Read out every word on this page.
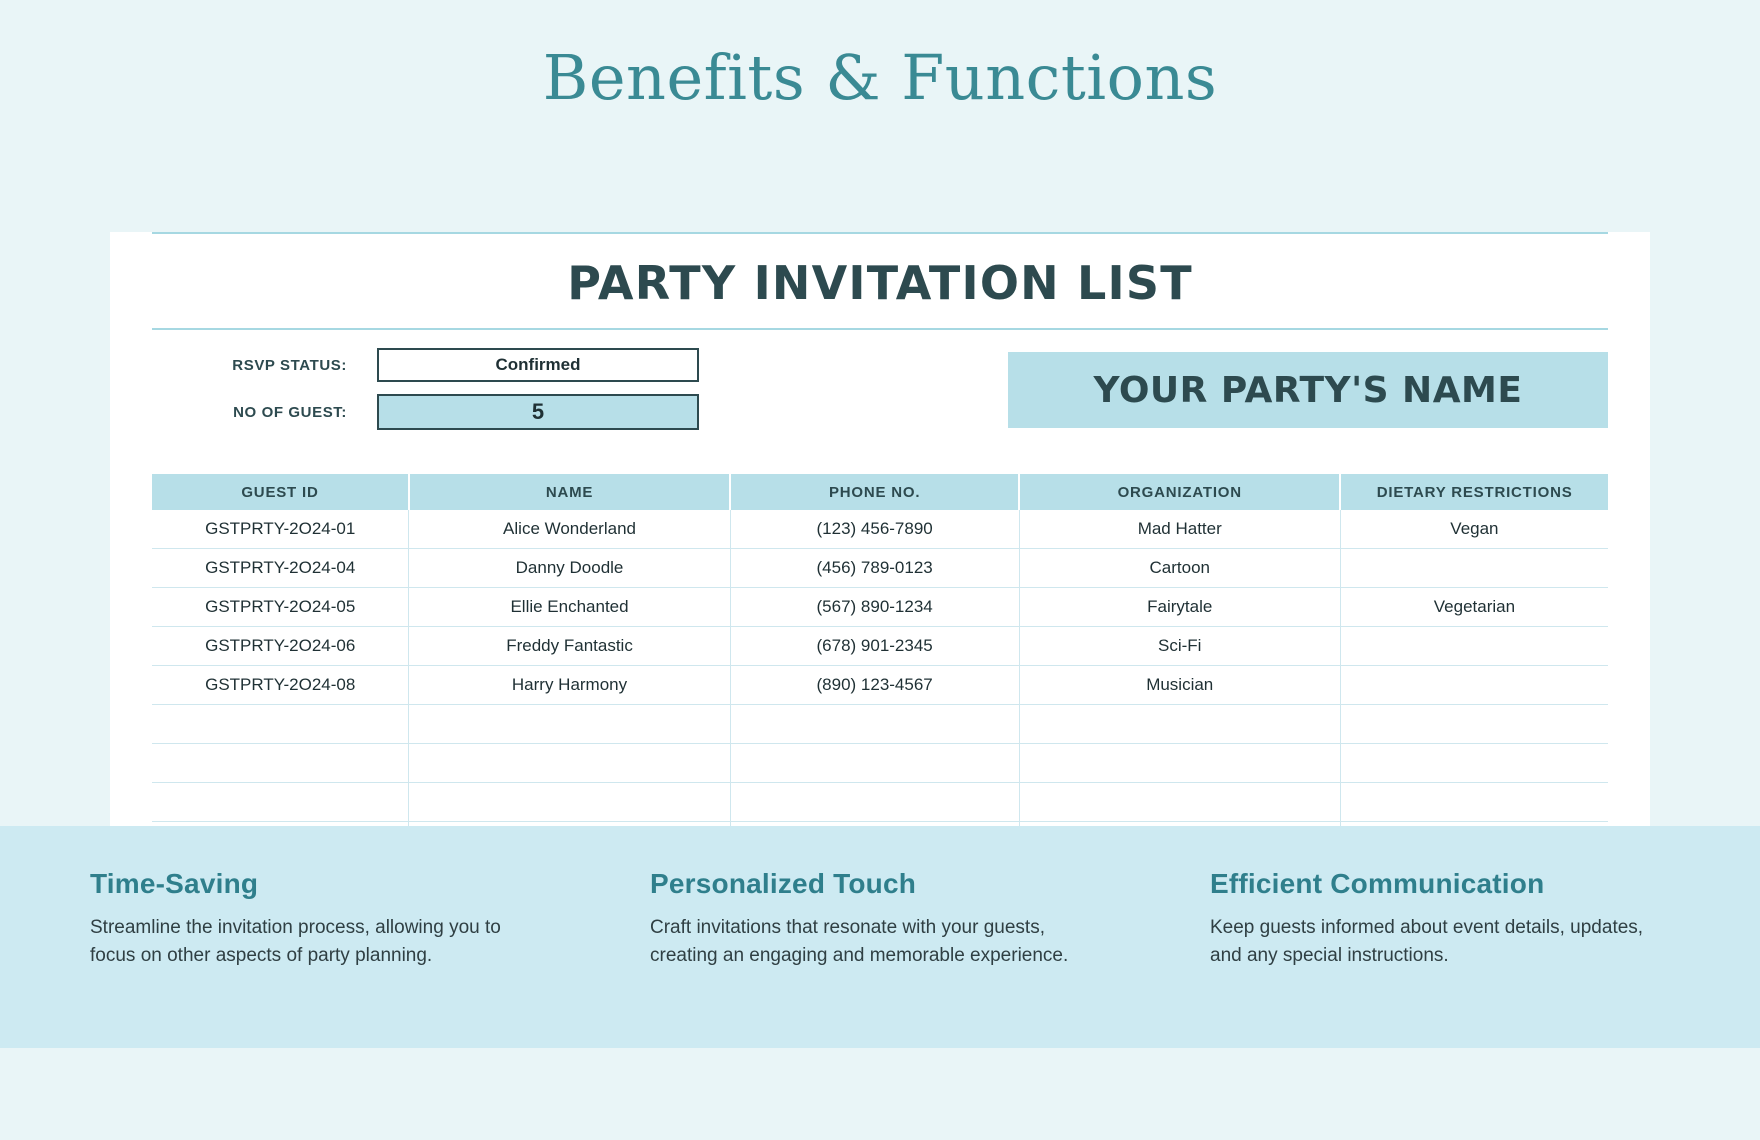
Benefits & Functions
PARTY INVITATION LIST
RSVP STATUS:	Confirmed
NO OF GUEST:	5
YOUR PARTY'S NAME
GUEST ID	NAME	PHONE NO.	ORGANIZATION	DIETARY RESTRICTIONS
GSTPRTY-2O24-01	Alice Wonderland	(123) 456-7890	Mad Hatter	Vegan
GSTPRTY-2O24-04	Danny Doodle	(456) 789-0123	Cartoon	
GSTPRTY-2O24-05	Ellie Enchanted	(567) 890-1234	Fairytale	Vegetarian
GSTPRTY-2O24-06	Freddy Fantastic	(678) 901-2345	Sci-Fi	
GSTPRTY-2O24-08	Harry Harmony	(890) 123-4567	Musician	

Time-Saving

Streamline the invitation process, allowing you to focus on other aspects of party planning.

Personalized Touch

Craft invitations that resonate with your guests, creating an engaging and memorable experience.

Efficient Communication

Keep guests informed about event details, updates, and any special instructions.
